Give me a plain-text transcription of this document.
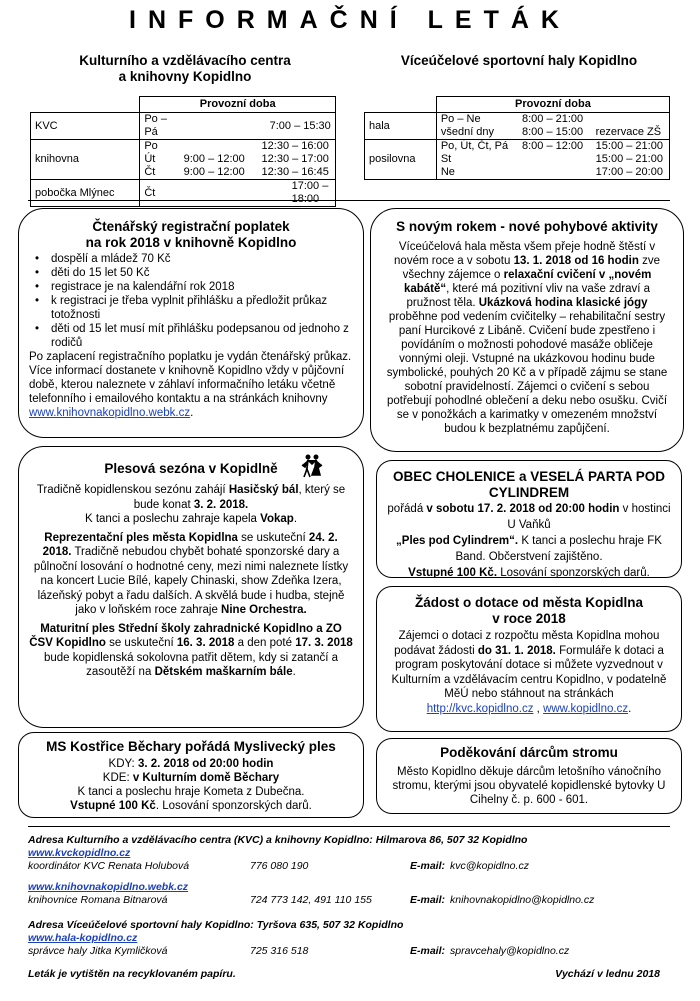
INFORMAČNÍ LETÁK
Kulturního a vzdělávacího centra
a knihovny Kopidlno
	Provozní doba		
KVC	Po – Pá	7:00 – 15:30	
knihovna	Po		12:30 – 16:00
	Út	9:00 – 12:00	12:30 – 17:00
	Čt	9:00 – 12:00	12:30 – 16:45
pobočka Mlýnec	Čt	17:00 – 18:00	
Víceúčelové sportovní haly Kopidlno
	Provozní doba		
hala	Po – Ne	8:00 – 21:00	
	všední dny	8:00 – 15:00	rezervace ZŠ
posilovna	Po, Út, Čt, Pá	8:00 – 12:00	15:00 – 21:00
	St		15:00 – 21:00
	Ne		17:00 – 20:00
Čtenářský registrační poplatek
na rok 2018 v knihovně Kopidlno
• dospělí a mládež 70 Kč
• děti do 15 let 50 Kč
• registrace je na kalendářní rok 2018
• k registraci je třeba vyplnit přihlášku a předložit průkaz totožnosti
• děti od 15 let musí mít přihlášku podepsanou od jednoho z rodičů

Po zaplacení registračního poplatku je vydán čtenářský průkaz. Více informací dostanete v knihovně Kopidlno vždy v půjčovní době, kterou naleznete v záhlaví informačního letáku včetně telefonního i emailového kontaktu a na stránkách knihovny www.knihovnakopidlno.webk.cz.

S novým rokem - nové pohybové aktivity

Víceúčelová hala města všem přeje hodně štěstí v novém roce a v sobotu 13. 1. 2018 od 16 hodin zve všechny zájemce o relaxační cvičení v „novém kabátě“, které má pozitivní vliv na vaše zdraví a pružnost těla. Ukázková hodina klasické jógy proběhne pod vedením cvičitelky – rehabilitační sestry paní Hurcikové z Libáně. Cvičení bude zpestřeno i povídáním o možnosti pohodové masáže obličeje vonnými oleji. Vstupné na ukázkovou hodinu bude symbolické, pouhých 20 Kč a v případě zájmu se stane sobotní pravidelností. Zájemci o cvičení s sebou potřebují pohodlné oblečení a deku nebo osušku. Cvičí se v ponožkách a karimatky v omezeném množství budou k bezplatnému zapůjčení.

Plesová sezóna v Kopidlně

Tradičně kopidlenskou sezónu zahájí Hasičský bál, který se bude konat 3. 2. 2018.
K tanci a poslechu zahraje kapela Vokap.

Reprezentační ples města Kopidlna se uskuteční 24. 2. 2018. Tradičně nebudou chybět bohaté sponzorské dary a půlnoční losování o hodnotné ceny, mezi nimi naleznete lístky na koncert Lucie Bílé, kapely Chinaski, show Zdeňka Izera, lázeňský pobyt a řadu dalších. A skvělá bude i hudba, stejně jako v loňském roce zahraje Nine Orchestra.

Maturitní ples Střední školy zahradnické Kopidlno a ZO ČSV Kopidlno se uskuteční 16. 3. 2018 a den poté 17. 3. 2018 bude kopidlenská sokolovna patřit dětem, kdy si zatančí a zasoutěží na Dětském maškarním bále.

OBEC CHOLENICE a VESELÁ PARTA POD CYLINDREM

pořádá v sobotu 17. 2. 2018 od 20:00 hodin v hostinci U Vaňků
„Ples pod Cylindrem“. K tanci a poslechu hraje FK Band. Občerstvení zajištěno.
Vstupné 100 Kč. Losování sponzorských darů.

Žádost o dotace od města Kopidlna
v roce 2018

Zájemci o dotaci z rozpočtu města Kopidlna mohou podávat žádosti do 31. 1. 2018. Formuláře k dotaci a program poskytování dotace si můžete vyzvednout v Kulturním a vzdělávacím centru Kopidlno, v podatelně MěÚ nebo stáhnout na stránkách
http://kvc.kopidlno.cz , www.kopidlno.cz.

MS Kostřice Běchary pořádá Myslivecký ples

KDY: 3. 2. 2018 od 20:00 hodin
KDE: v Kulturním domě Běchary
K tanci a poslechu hraje Kometa z Dubečna.
Vstupné 100 Kč. Losování sponzorských darů.

Poděkování dárcům stromu

Město Kopidlno děkuje dárcům letošního vánočního stromu, kterými jsou obyvatelé kopidlenské bytovky U Cihelny č. p. 600 - 601.

Adresa Kulturního a vzdělávacího centra (KVC) a knihovny Kopidlno: Hilmarova 86, 507 32 Kopidlno
www.kvckopidlno.cz
koordinátor KVC Renata Holubová	776 080 190	E-mail: kvc@kopidlno.cz
www.knihovnakopidlno.webk.cz
knihovnice Romana Bitnarová	724 773 142, 491 110 155	E-mail: knihovnakopidlno@kopidlno.cz
Adresa Víceúčelové sportovní haly Kopidlno: Tyršova 635, 507 32 Kopidlno
www.hala-kopidlno.cz
správce haly Jitka Kymličková	725 316 518	E-mail: spravcehaly@kopidlno.cz
Leták je vytištěn na recyklovaném papíru.	Vychází v lednu 2018
